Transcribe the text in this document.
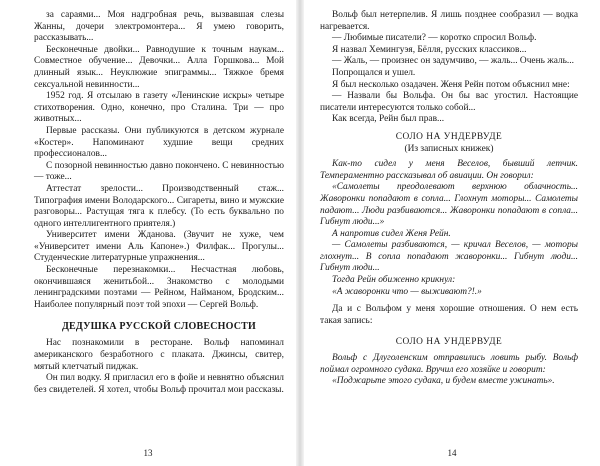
за сараями... Моя надгробная речь, вызвавшая слезы Жанны, дочери электромонтера... Я умею говорить, рассказывать...

Бесконечные двойки... Равнодушие к точным наукам... Совместное обучение... Девочки... Алла Горшкова... Мой длинный язык... Неуклюжие эпиграммы... Тяжкое бремя сексуальной невинности...

1952 год. Я отсылаю в газету «Ленинские искры» четыре стихотворения. Одно, конечно, про Сталина. Три — про животных...

Первые рассказы. Они публикуются в детском журнале «Костер». Напоминают худшие вещи средних профессионалов...

С позорной невинностью давно покончено. С невинностью — тоже...

Аттестат зрелости... Производственный стаж... Типография имени Володарского... Сигареты, вино и мужские разговоры... Растущая тяга к плебсу. (То есть буквально по одного интеллигентного приятеля.)

Университет имени Жданова. (Звучит не хуже, чем «Университет имени Аль Капоне».) Филфак... Прогулы... Студенческие литературные упражнения...

Бесконечные перезнакомки... Несчастная любовь, окончившаяся женитьбой... Знакомство с молодыми ленинградскими поэтами — Рейном, Найманом, Бродским... Наиболее популярный поэт той эпохи — Сергей Вольф.

ДЕДУШКА РУССКОЙ СЛОВЕСНОСТИ

Нас познакомили в ресторане. Вольф напоминал американского безработного с плаката. Джинсы, свитер, мятый клетчатый пиджак.

Он пил водку. Я пригласил его в фойе и невнятно объяснил без свидетелей. Я хотел, чтобы Вольф прочитал мои рассказы.

13

Вольф был нетерпелив. Я лишь позднее сообразил — водка нагревается.

— Любимые писатели? — коротко спросил Вольф.

Я назвал Хемингуэя, Бёлля, русских классиков...

— Жаль, — произнес он задумчиво, — жаль... Очень жаль...

Попрощался и ушел.

Я был несколько озадачен. Женя Рейн потом объяснил мне:

— Назвали бы Вольфа. Он бы вас угостил. Настоящие писатели интересуются только собой...

Как всегда, Рейн был прав...

СОЛО НА УНДЕРВУДЕ
(Из записных книжек)

Как-то сидел у меня Веселов, бывший летчик. Темпераментно рассказывал об авиации. Он говорил:

«Самолеты преодолевают верхнюю облачность... Жаворонки попадают в сопла... Глохнут моторы... Самолеты падают... Люди разбиваются... Жаворонки попадают в сопла... Гибнут люди...»

А напротив сидел Женя Рейн.

— Самолеты разбиваются, — кричал Веселов, — моторы глохнут... В сопла попадают жаворонки... Гибнут люди... Гибнут люди...

Тогда Рейн обиженно крикнул:

«А жаворонки что — выживают?!.»

Да и с Вольфом у меня хорошие отношения. О нем есть такая запись:

СОЛО НА УНДЕРВУДЕ

Вольф с Длуголенским отправились ловить рыбу. Вольф поймал огромного судака. Вручил его хозяйке и говорит:

«Поджарьте этого судака, и будем вместе ужинать».

14
